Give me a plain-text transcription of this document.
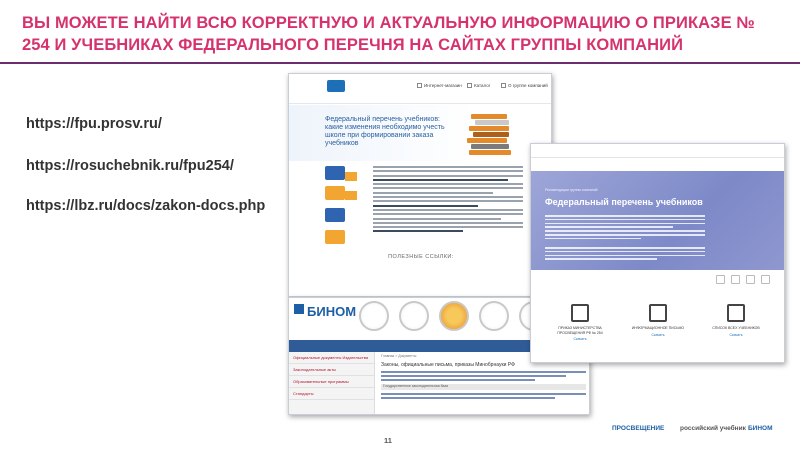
ВЫ МОЖЕТЕ НАЙТИ ВСЮ КОРРЕКТНУЮ И АКТУАЛЬНУЮ ИНФОРМАЦИЮ О ПРИКАЗЕ № 254 И УЧЕБНИКАХ ФЕДЕРАЛЬНОГО ПЕРЕЧНЯ НА САЙТАХ ГРУППЫ КОМПАНИЙ
https://fpu.prosv.ru/
https://rosuchebnik.ru/fpu254/
https://lbz.ru/docs/zakon-docs.php
Интернет-магазин	Каталог	О группе компаний
Федеральный перечень учебников: какие изменения необходимо учесть школе при формировании заказа учебников
ПОЛЕЗНЫЕ ССЫЛКИ:
БИНОМ
Официальные документы Издательства
Законодательные акты
Образовательные программы
Стандарты
Главная > Документы
Законы, официальные письма, приказы Минобрнауки РФ
Государственное законодательная база
Рекомендации группы компаний
Федеральный перечень учебников
ПРИКАЗ МИНИСТЕРСТВА ПРОСВЕЩЕНИЯ РФ № 254
Скачать
ИНФОРМАЦИОННОЕ ПИСЬМО
Скачать
СПИСОК ВСЕХ УЧЕБНИКОВ
Скачать
11
ПРОСВЕЩЕНИЕ российский учебник БИНОМ
